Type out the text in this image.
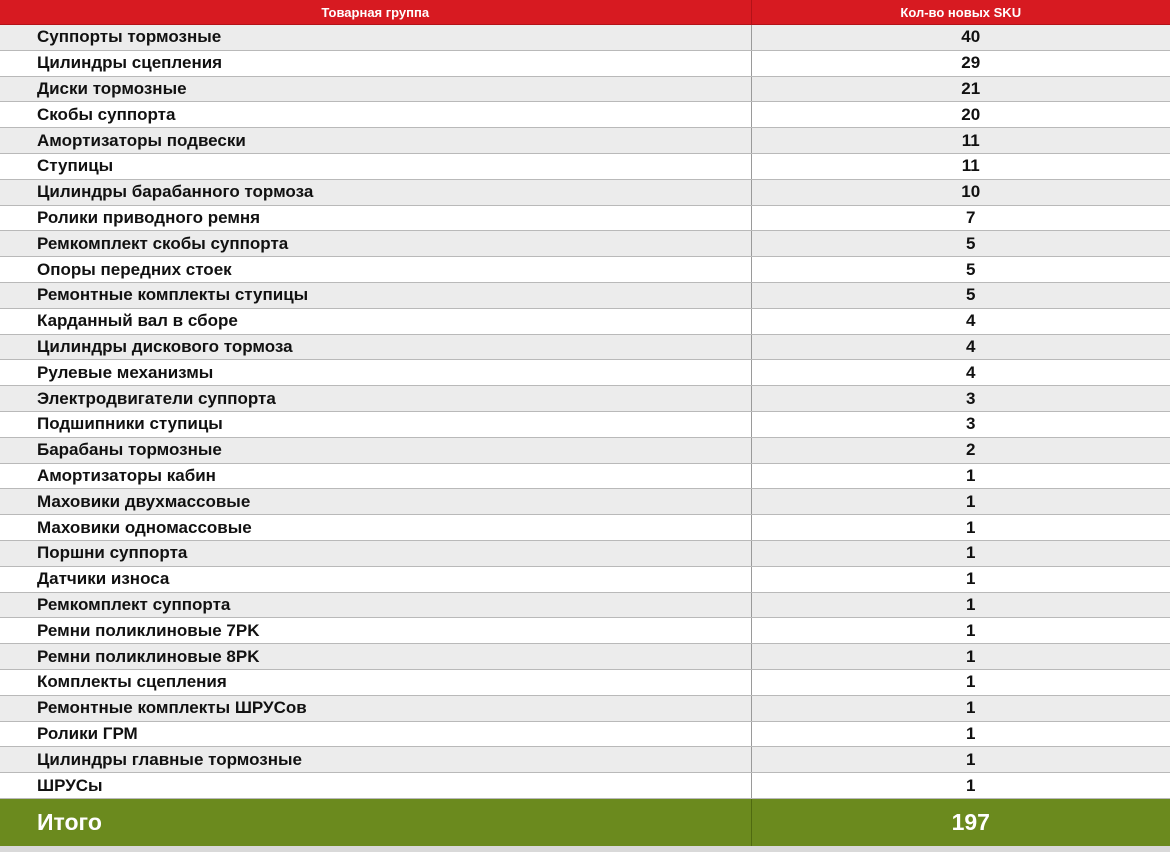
Товарная группа	Кол-во новых SKU
Суппорты тормозные	40
Цилиндры сцепления	29
Диски тормозные	21
Скобы суппорта	20
Амортизаторы подвески	11
Ступицы	11
Цилиндры барабанного тормоза	10
Ролики приводного ремня	7
Ремкомплект скобы суппорта	5
Опоры передних стоек	5
Ремонтные комплекты ступицы	5
Карданный вал в сборе	4
Цилиндры дискового тормоза	4
Рулевые механизмы	4
Электродвигатели суппорта	3
Подшипники ступицы	3
Барабаны тормозные	2
Амортизаторы кабин	1
Маховики двухмассовые	1
Маховики одномассовые	1
Поршни суппорта	1
Датчики износа	1
Ремкомплект суппорта	1
Ремни поликлиновые 7PK	1
Ремни поликлиновые 8PK	1
Комплекты сцепления	1
Ремонтные комплекты ШРУСов	1
Ролики ГРМ	1
Цилиндры главные тормозные	1
ШРУСы	1
Итого	197
